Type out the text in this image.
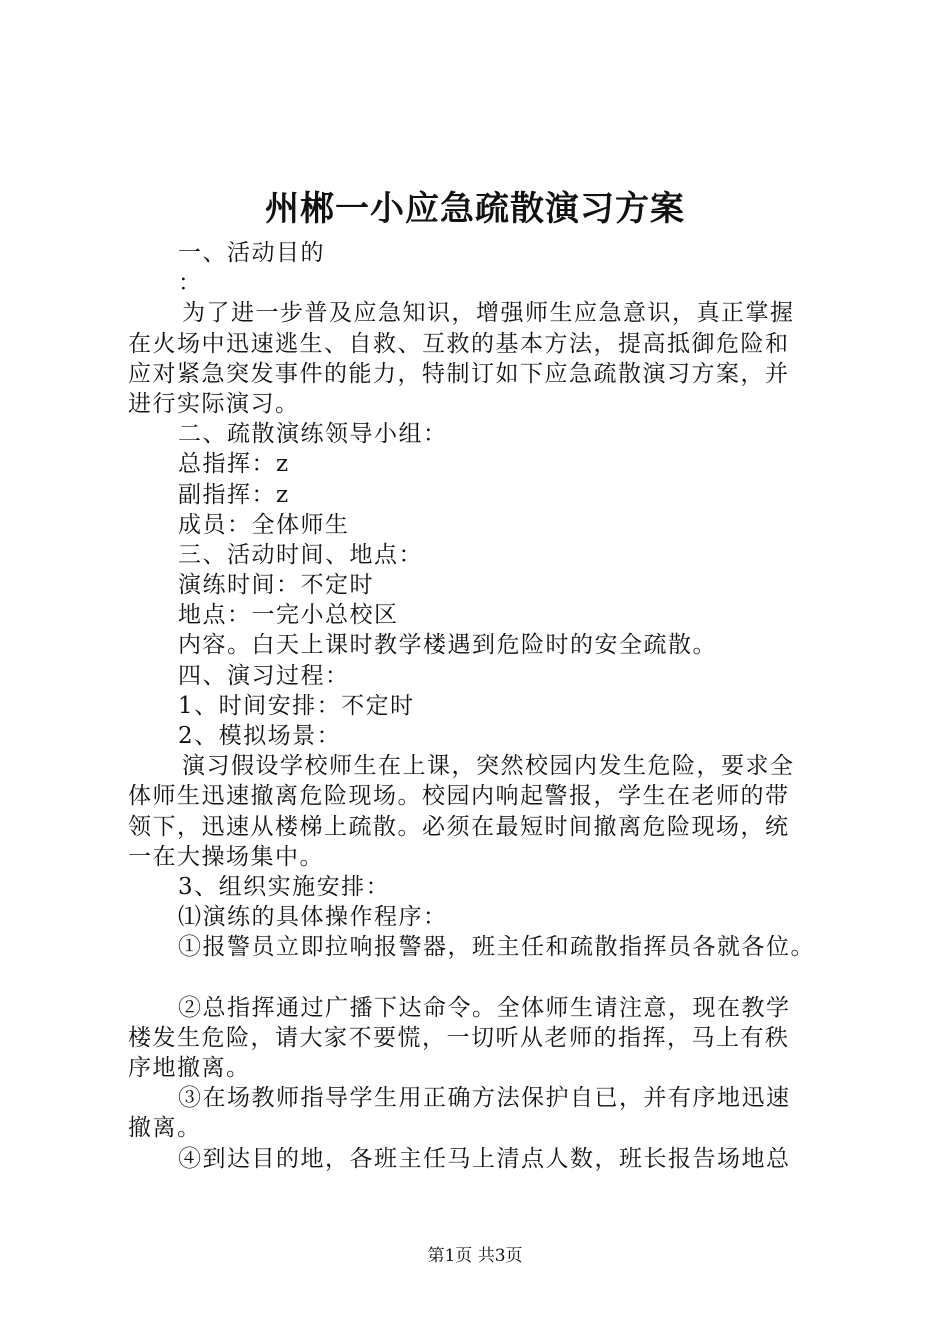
州郴一小应急疏散演习方案
一、活动目的
：
为了进一步普及应急知识，增强师生应急意识，真正掌握
在火场中迅速逃生、自救、互救的基本方法，提高抵御危险和
应对紧急突发事件的能力，特制订如下应急疏散演习方案，并
进行实际演习。
二、疏散演练领导小组：
总指挥：z
副指挥：z
成员：全体师生
三、活动时间、地点：
演练时间：不定时
地点：一完小总校区
内容。白天上课时教学楼遇到危险时的安全疏散。
四、演习过程：
1、时间安排：不定时
2、模拟场景：
演习假设学校师生在上课，突然校园内发生危险，要求全
体师生迅速撤离危险现场。校园内响起警报，学生在老师的带
领下，迅速从楼梯上疏散。必须在最短时间撤离危险现场，统
一在大操场集中。
3、组织实施安排：
⑴演练的具体操作程序：
①报警员立即拉响报警器，班主任和疏散指挥员各就各位。
②总指挥通过广播下达命令。全体师生请注意，现在教学
楼发生危险，请大家不要慌，一切听从老师的指挥，马上有秩
序地撤离。
③在场教师指导学生用正确方法保护自已，并有序地迅速
撤离。
④到达目的地，各班主任马上清点人数，班长报告场地总
第1页 共3页
